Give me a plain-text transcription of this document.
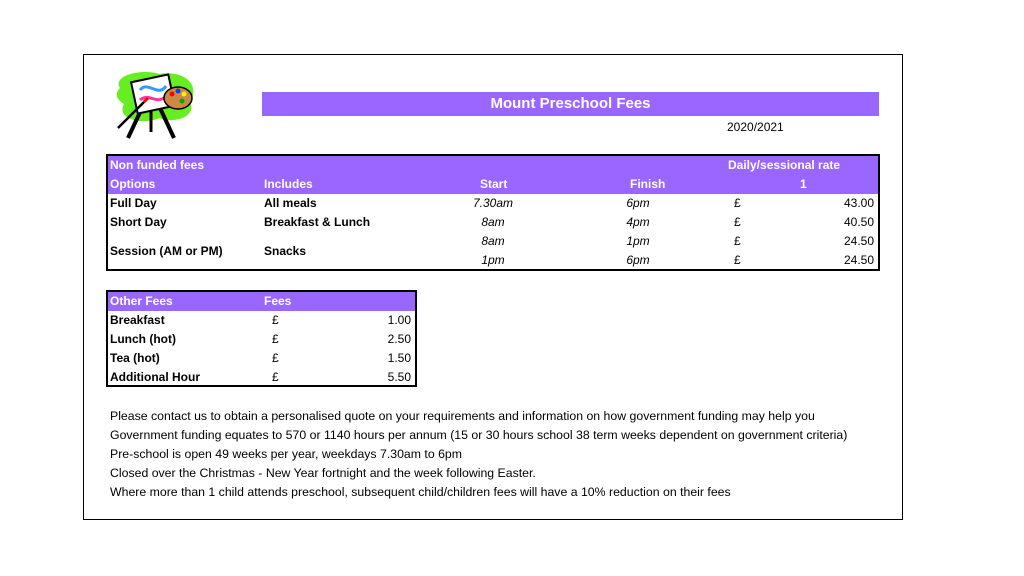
Mount Preschool Fees
2020/2021
Non funded fees	Daily/sessional rate
Options	Includes	Start	Finish	1
Full Day	All meals	7.30am	6pm	£	43.00
Short Day	Breakfast & Lunch	8am	4pm	£	40.50
Session (AM or PM)	Snacks
8am	1pm	£	24.50
1pm	6pm	£	24.50
Other Fees	Fees
Breakfast	£	1.00
Lunch (hot)	£	2.50
Tea (hot)	£	1.50
Additional Hour	£	5.50
Please contact us to obtain a personalised quote on your requirements and information on how government funding may help you
Government funding equates to 570 or 1140 hours per annum (15 or 30 hours school 38 term weeks dependent on government criteria)
Pre-school is open 49 weeks per year, weekdays 7.30am to 6pm
Closed over the Christmas - New Year fortnight and the week following Easter.
Where more than 1 child attends preschool, subsequent child/children fees will have a 10% reduction on their fees
